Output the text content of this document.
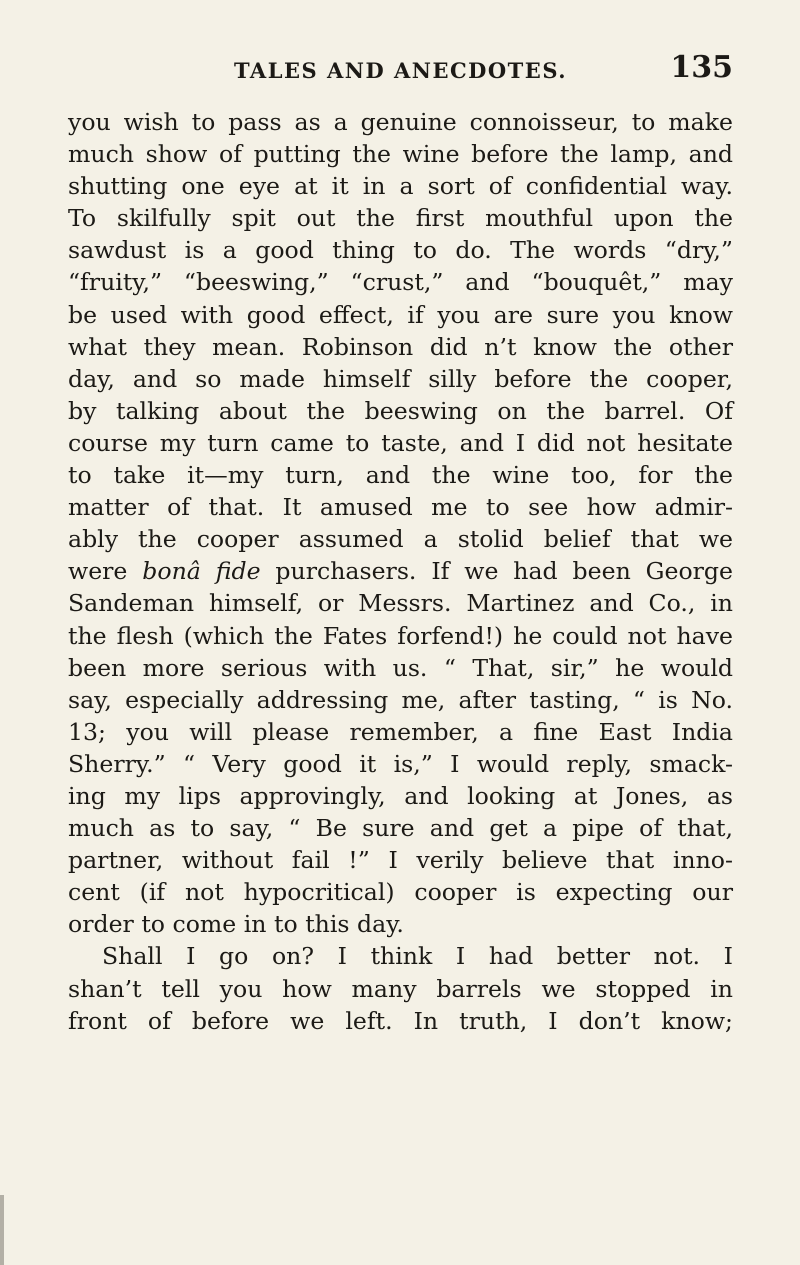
TALES AND ANECDOTES.	135
you wish to pass as a genuine connoisseur, to make
much show of putting the wine before the lamp, and
shutting one eye at it in a sort of confidential way.
To skilfully spit out the first mouthful upon the
sawdust is a good thing to do. The words “dry,”
“fruity,” “beeswing,” “crust,” and “bouquêt,” may
be used with good effect, if you are sure you know
what they mean. Robinson did n’t know the other
day, and so made himself silly before the cooper,
by talking about the beeswing on the barrel. Of
course my turn came to taste, and I did not hesitate
to take it—my turn, and the wine too, for the
matter of that. It amused me to see how admir-
ably the cooper assumed a stolid belief that we
were bonâ fide purchasers. If we had been George
Sandeman himself, or Messrs. Martinez and Co., in
the flesh (which the Fates forfend!) he could not have
been more serious with us. “ That, sir,” he would
say, especially addressing me, after tasting, “ is No.
13; you will please remember, a fine East India
Sherry.” “ Very good it is,” I would reply, smack-
ing my lips approvingly, and looking at Jones, as
much as to say, “ Be sure and get a pipe of that,
partner, without fail !” I verily believe that inno-
cent (if not hypocritical) cooper is expecting our
order to come in to this day.
Shall I go on? I think I had better not. I
shan’t tell you how many barrels we stopped in
front of before we left. In truth, I don’t know;
